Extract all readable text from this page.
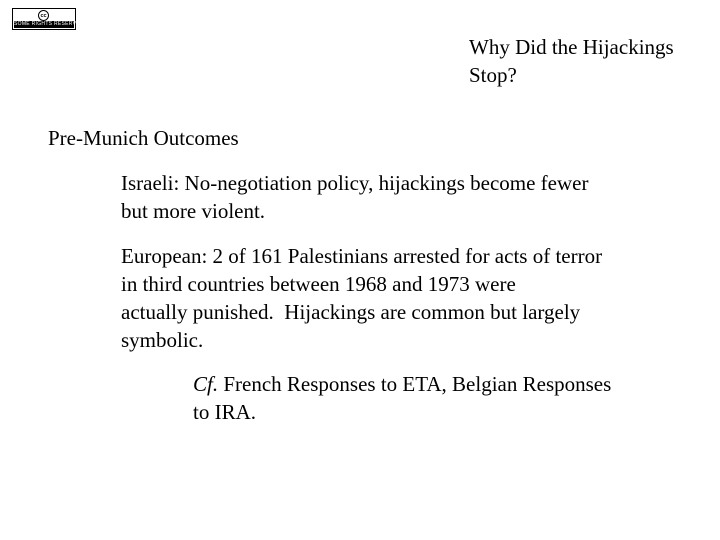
cc
SOME RIGHTS RESERVED
Why Did the Hijackings
Stop?
Pre-Munich Outcomes
Israeli: No-negotiation policy, hijackings become fewer
but more violent.
European: 2 of 161 Palestinians arrested for acts of terror
in third countries between 1968 and 1973 were
actually punished.  Hijackings are common but largely
symbolic.
Cf. French Responses to ETA, Belgian Responses
to IRA.
